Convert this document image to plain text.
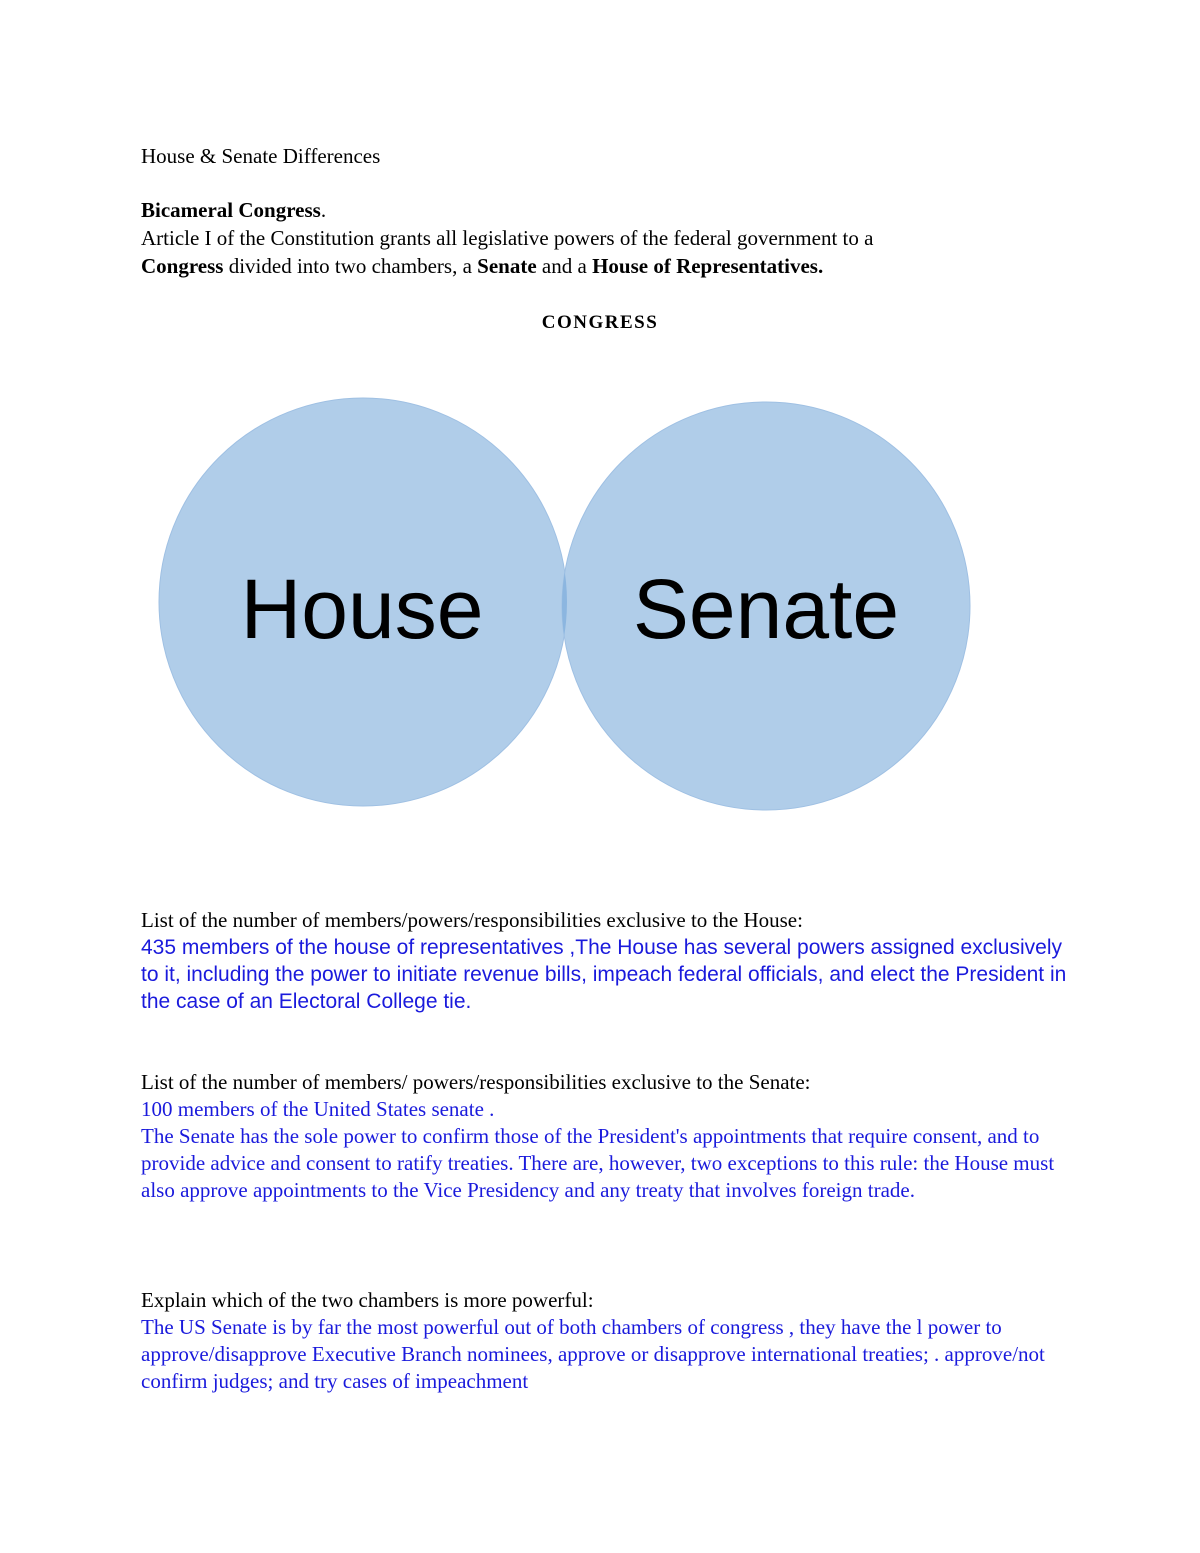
House & Senate Differences

Bicameral Congress.

Article I of the Constitution grants all legislative powers of the federal government to a

Congress divided into two chambers, a Senate and a House of Representatives.

CONGRESS
House Senate

List of the number of members/powers/responsibilities exclusive to the House:

435 members of the house of representatives ,The House has several powers assigned exclusively to it, including the power to initiate revenue bills, impeach federal officials, and elect the President in the case of an Electoral College tie.

List of the number of members/ powers/responsibilities exclusive to the Senate:

100 members of the United States senate .

The Senate has the sole power to confirm those of the President's appointments that require consent, and to provide advice and consent to ratify treaties. There are, however, two exceptions to this rule: the House must also approve appointments to the Vice Presidency and any treaty that involves foreign trade.

Explain which of the two chambers is more powerful:

The US Senate is by far the most powerful out of both chambers of congress , they have the l power to approve/disapprove Executive Branch nominees, approve or disapprove international treaties; . approve/not confirm judges; and try cases of impeachment
